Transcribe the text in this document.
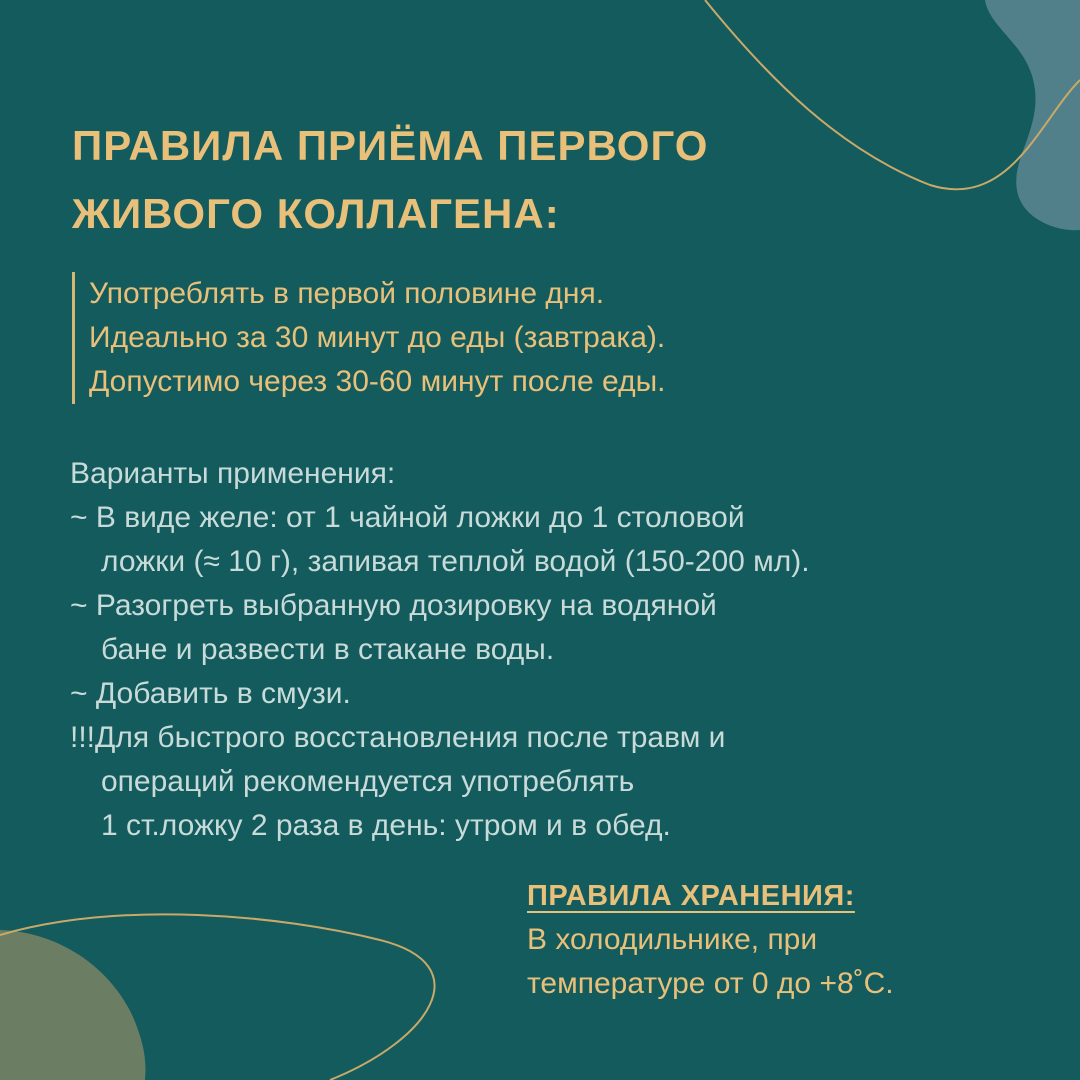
ПРАВИЛА ПРИЁМА ПЕРВОГО
ЖИВОГО КОЛЛАГЕНА:
Употреблять в первой половине дня.
Идеально за 30 минут до еды (завтрака).
Допустимо через 30-60 минут после еды.
Варианты применения:
~ В виде желе: от 1 чайной ложки до 1 столовой
ложки (≈ 10 г), запивая теплой водой (150-200 мл).
~ Разогреть выбранную дозировку на водяной
бане и развести в стакане воды.
~ Добавить в смузи.
!!!Для быстрого восстановления после травм и
операций рекомендуется употреблять
1 ст.ложку 2 раза в день: утром и в обед.
ПРАВИЛА ХРАНЕНИЯ:
В холодильнике, при
температуре от 0 до +8˚С.
